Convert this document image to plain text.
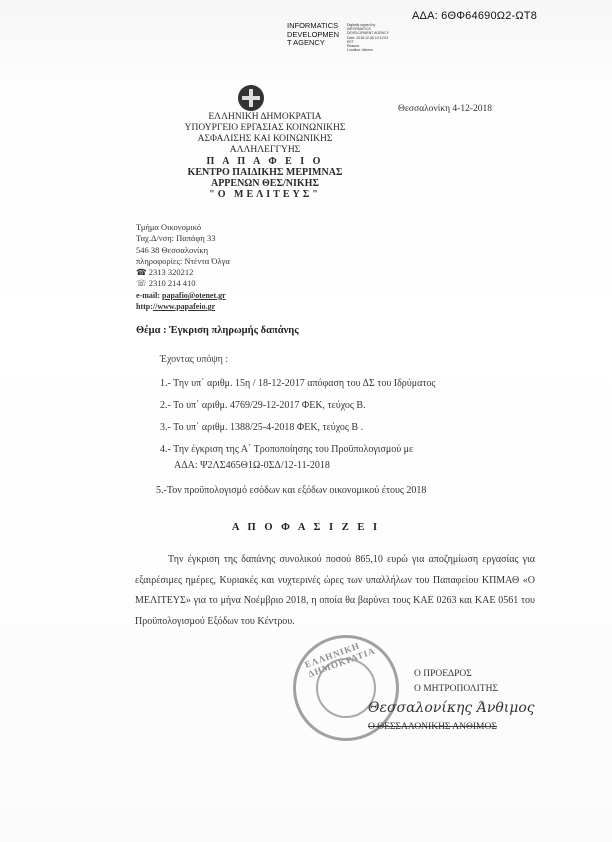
ΑΔΑ: 6ΘΦ64690Ω2-ΩΤ8
INFORMATICS
DEVELOPMEN
T AGENCY
Digitally signed by
INFORMATICS
DEVELOPMENT AGENCY
Date: 2018.12.05 10:12:51
EET
Reason:
Location: Athens
ΕΛΛΗΝΙΚΗ ΔΗΜΟΚΡΑΤΙΑ
ΥΠΟΥΡΓΕΙΟ ΕΡΓΑΣΙΑΣ ΚΟΙΝΩΝΙΚΗΣ
ΑΣΦΑΛΙΣΗΣ ΚΑΙ ΚΟΙΝΩΝΙΚΗΣ
ΑΛΛΗΛΕΓΓΥΗΣ
Π Α Π Α Φ Ε Ι Ο
ΚΕΝΤΡΟ ΠΑΙΔΙΚΗΣ ΜΕΡΙΜΝΑΣ
ΑΡΡΕΝΩΝ ΘΕΣ/ΝΙΚΗΣ
"Ο ΜΕΛΙΤΕΥΣ"
Θεσσαλονίκη 4-12-2018
Τμήμα Οικονομικό
Ταχ.Δ/νση: Παπάφη 33
546 38 Θεσσαλονίκη
πληροφορίες: Ντέντα Όλγα
☎ 2313 320212
☏ 2310 214 410
e-mail: papafio@otenet.gr
http://www.papafeio.gr
Θέμα : Έγκριση πληρωμής δαπάνης
Έχοντας υπόψη :
1.- Την υπ΄ αριθμ. 15η / 18-12-2017 απόφαση του ΔΣ του Ιδρύματος
2.- Το υπ΄ αριθμ. 4769/29-12-2017 ΦΕΚ, τεύχος Β.
3.- Το υπ΄ αριθμ. 1388/25-4-2018 ΦΕΚ, τεύχος Β .
4.- Την έγκριση της Α΄ Τροποποίησης του Προϋπολογισμού με
ΑΔΑ: Ψ2ΛΣ465Θ1Ω-0ΣΔ/12-11-2018
5.-Τον προϋπολογισμό εσόδων και εξόδων οικονομικού έτους 2018
Α Π Ο Φ Α Σ Ι Ζ Ε Ι
Την έγκριση της δαπάνης συνολικού ποσού 865,10 ευρώ για αποζημίωση εργασίας για εξαιρέσιμες ημέρες, Κυριακές και νυχτερινές ώρες των υπαλλήλων του Παπαφείου ΚΠΜΑΘ «Ο ΜΕΛΙΤΕΥΣ» για το μήνα Νοέμβριο 2018, η οποία θα βαρύνει τους ΚΑΕ 0263 και ΚΑΕ 0561 του Προϋπολογισμού Εξόδων του Κέντρου.
ΕΛΛΗΝΙΚΗ ΔΗΜΟΚΡΑΤΙΑ	Ο ΠΡΟΕΔΡΟΣ
Ο ΜΗΤΡΟΠΟΛΙΤΗΣ
Θεσσαλονίκης Άνθιμος
Ο ΘΕΣΣΑΛΟΝΙΚΗΣ ΑΝΘΙΜΟΣ
